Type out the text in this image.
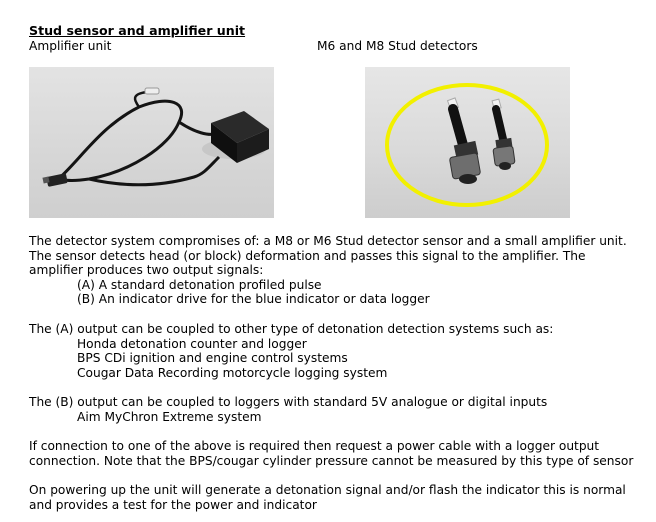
Stud sensor and amplifier unit
Amplifier unit	M6 and M8 Stud detectors
The detector system compromises of: a M8 or M6 Stud detector sensor and a small amplifier unit.
The sensor detects head (or block) deformation and passes this signal to the amplifier. The
amplifier produces two output signals:
(A) A standard detonation profiled pulse
(B) An indicator drive for the blue indicator or data logger
The (A) output can be coupled to other type of detonation detection systems such as:
Honda detonation counter and logger
BPS CDi ignition and engine control systems
Cougar Data Recording motorcycle logging system
The (B) output can be coupled to loggers with standard 5V analogue or digital inputs
Aim MyChron Extreme system
If connection to one of the above is required then request a power cable with a logger output
connection. Note that the BPS/cougar cylinder pressure cannot be measured by this type of sensor
On powering up the unit will generate a detonation signal and/or flash the indicator this is normal
and provides a test for the power and indicator
